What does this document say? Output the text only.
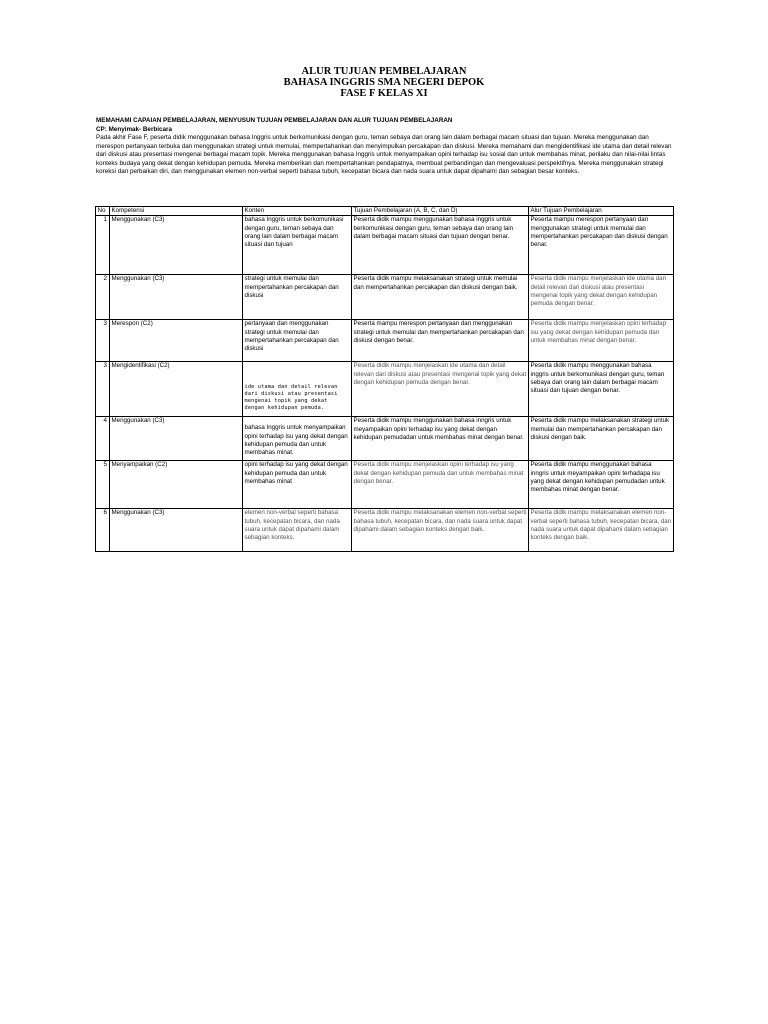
ALUR TUJUAN PEMBELAJARAN
BAHASA INGGRIS SMA NEGERI DEPOK
FASE F KELAS XI

MEMAHAMI CAPAIAN PEMBELAJARAN, MENYUSUN TUJUAN PEMBELAJARAN DAN ALUR TUJUAN PEMBELAJARAN

CP: Menyimak- Berbicara

Pada akhir Fase F, peserta didik menggunakan bahasa Inggris untuk berkomunikasi dengan guru, teman sebaya dan orang lain dalam berbagai macam situasi dan tujuan. Mereka menggunakan dan merespon pertanyaan terbuka dan menggunakan strategi untuk memulai, mempertahankan dan menyimpulkan percakapan dan diskusi. Mereka memahami dan mengidentifikasi ide utama dan detail relevan dari diskusi atau presentasi mengenai berbagai macam topik. Mereka menggunakan bahasa Inggris untuk menyampaikan opini terhadap isu sosial dan untuk membahas minat, perilaku dan nilai-nilai lintas konteks budaya yang dekat dengan kehidupan pemuda. Mereka memberikan dan mempertahankan pendapatnya, membuat perbandingan dan mengevaluasi perspektifnya. Mereka menggunakan strategi koreksi dan perbaikan diri, dan menggunakan elemen non-verbal seperti bahasa tubuh, kecepatan bicara dan nada suara untuk dapat dipahami dan sebagian besar konteks.

No	Kompetensi	Konten	Tujuan Pembelajaran (A, B, C, dan D)	Alur Tujuan Pembelajaran
1	Menggunakan (C3)	bahasa Inggris untuk berkomunikasi dengan guru, teman sebaya dan orang lain dalam berbagai macam situasi dan tujuan	Peserta didik mampu menggunakan bahasa inggris untuk berkomunikasi dengan guru, teman sebaya dan orang lain dalam berbagai macam situasi dan tujuan dengan benar.	Peserta mampu merespon pertanyaan dan menggunakan strategi untuk memulai dan mempertahankan percakapan dan diskusi dengan benar.
2	Menggunakan (C3)	strategi untuk memulai dan mempertahankan percakapan dan diskusi	Peserta didik mampu melaksanakan strategi untuk memulai dan mempertahankan percakapan dan diskusi dengan baik.	Peserta didik mampu menjelaskan ide utama dan detail relevan dari diskusi atau presentasi mengenai topik yang dekat dengan kehidupan pemuda dengan benar.
3	Merespon (C2)	pertanyaan dan menggunakan strategi untuk memulai dan mempertahankan percakapan dan diskusi	Peserta mampu merespon pertanyaan dan menggunakan strategi untuk memulai dan mempertahankan percakapan dan diskusi dengan benar.	Peserta didik mampu menjelaskan opini terhadap isu yang dekat dengan kehidupan pemuda dan untuk membahas minat dengan benar.
3	Mengidentifikasi (C2)	ide utama dan detail relevan dari diskusi atau presentasi mengenai topik yang dekat dengan kehidupan pemuda.	Peserta didik mampu menjelaskan ide utama dan detail relevan dari diskusi atau presentasi mengenai topik yang dekat dengan kehidupan pemuda dengan benar.	Peserta didik mampu menggunakan bahasa inggris untuk berkomunikasi dengan guru, teman sebaya dan orang lain dalam berbagai macam situasi dan tujuan dengan benar.
4	Menggunakan (C3)	bahasa Inggris untuk menyampaikan opini terhadap isu yang dekat dengan kehidupan pemuda dan untuk membahas minat.	Peserta didik mampu menggunakan bahasa inngris untuk meyampaikan opini terhadap isu yang dekat dengan kehidupan pemudadan untuk membahas minat dengan benar.	Peserta didik mampu melaksanakan strategi untuk memulai dan mempertahankan percakapan dan diskusi dengan baik.
5	Menyampaikan (C2)	opini terhadap isu yang dekat dengan kehidupan pemuda dan untuk membahas minat	Peserta didik mampu menjelaskan opini terhadap isu yang dekat dengan kehidupan pemuda dan untuk membahas minat dengan benar.	Peserta didik mampu menggunakan bahasa inngris untuk meyampaikan opini terhadapa isu yang dekat dengan kehidupan pemudadan untuk membahas minat dengan benar.
6	Menggunakan (C3)	elemen non-verbal seperti bahasa tubuh, kecepatan bicara, dan nada suara untuk dapat dipahami dalam sebagian konteks.	Peserta didik mampu melaksanakan elemen non-verbal seperti bahasa tubuh, kecepatan bicara, dan nada suara untuk dapat dipahami dalam sebagian konteks dengan baik.	Peserta didik mampu melaksanakan elemen non-verbal seperti bahasa tubuh, kecepatan bicara, dan nada suara untuk dapat dipahami dalam sebagian konteks dengan baik.
